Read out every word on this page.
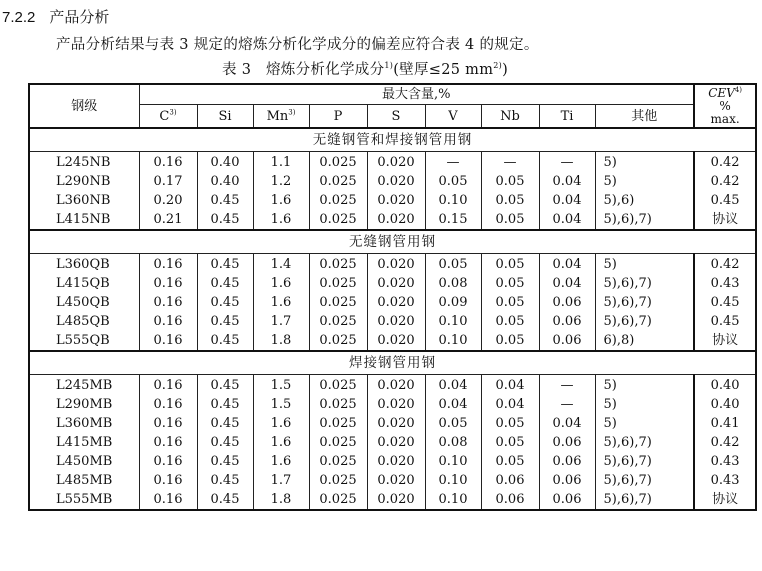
7.2.2 产品分析
产品分析结果与表 3 规定的熔炼分析化学成分的偏差应符合表 4 的规定。
表 3 熔炼分析化学成分$^{1)}$(壁厚≤25 $mm^{2)}$)
钢级	最大含量,%									CEV$^{4)}$
%
max.

	$C^{3)}$	Si	Mn$^{3)}$	P	S	V	Nb	Ti	其他	
无缝钢管和焊接钢管用钢										
L245NB	0.16	0.40	1.1	0.025	0.020	—	—	—	5)	0.42
L290NB	0.17	0.40	1.2	0.025	0.020	0.05	0.05	0.04	5)	0.42
L360NB	0.20	0.45	1.6	0.025	0.020	0.10	0.05	0.04	5),6)	0.45
L415NB	0.21	0.45	1.6	0.025	0.020	0.15	0.05	0.04	5),6),7)	协议
无缝钢管用钢										
L360QB	0.16	0.45	1.4	0.025	0.020	0.05	0.05	0.04	5)	0.42
L415QB	0.16	0.45	1.6	0.025	0.020	0.08	0.05	0.04	5),6),7)	0.43
L450QB	0.16	0.45	1.6	0.025	0.020	0.09	0.05	0.06	5),6),7)	0.45
L485QB	0.16	0.45	1.7	0.025	0.020	0.10	0.05	0.06	5),6),7)	0.45
L555QB	0.16	0.45	1.8	0.025	0.020	0.10	0.05	0.06	6),8)	协议
焊接钢管用钢										
L245MB	0.16	0.45	1.5	0.025	0.020	0.04	0.04	—	5)	0.40
L290MB	0.16	0.45	1.5	0.025	0.020	0.04	0.04	—	5)	0.40
L360MB	0.16	0.45	1.6	0.025	0.020	0.05	0.05	0.04	5)	0.41
L415MB	0.16	0.45	1.6	0.025	0.020	0.08	0.05	0.06	5),6),7)	0.42
L450MB	0.16	0.45	1.6	0.025	0.020	0.10	0.05	0.06	5),6),7)	0.43
L485MB	0.16	0.45	1.7	0.025	0.020	0.10	0.06	0.06	5),6),7)	0.43
L555MB	0.16	0.45	1.8	0.025	0.020	0.10	0.06	0.06	5),6),7)	协议
